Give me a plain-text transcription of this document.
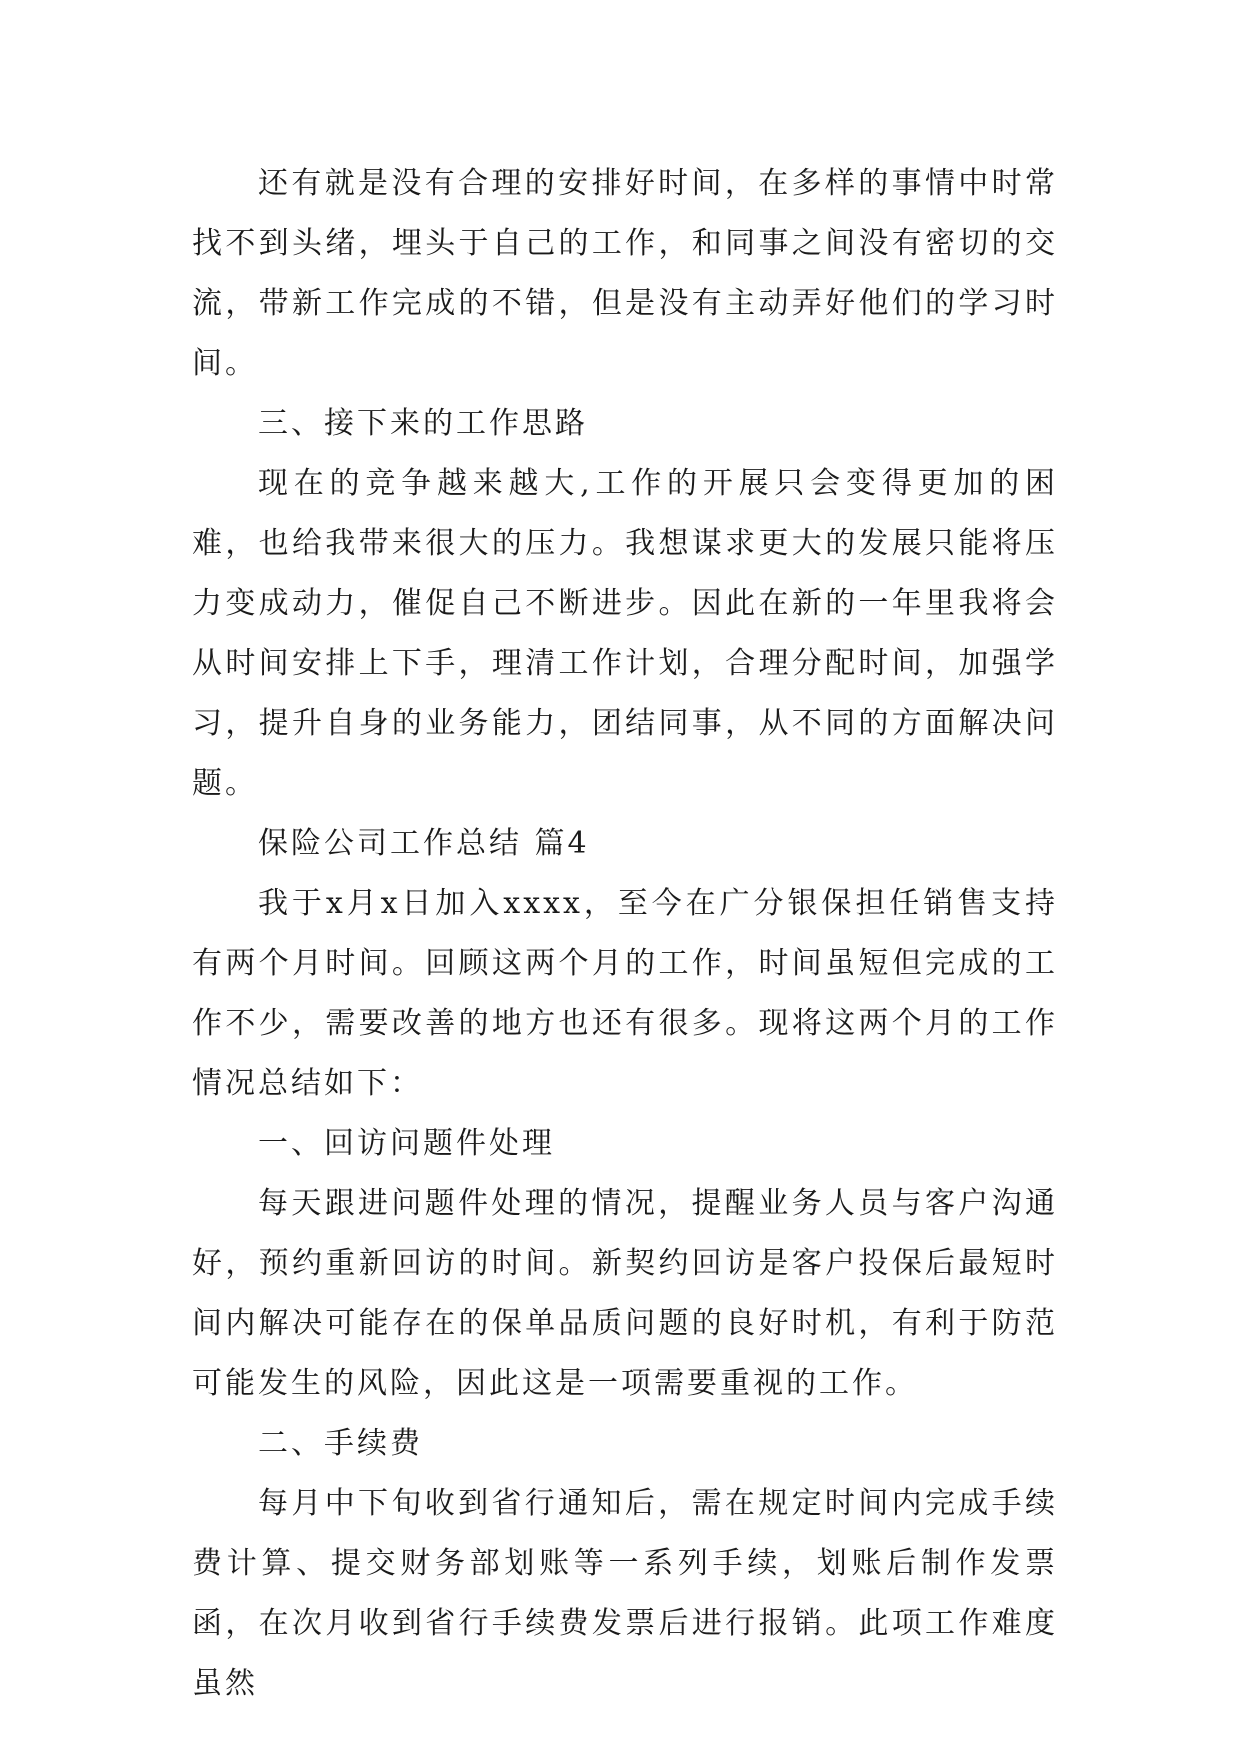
还有就是没有合理的安排好时间，在多样的事情中时常找不到头绪，埋头于自己的工作，和同事之间没有密切的交流，带新工作完成的不错，但是没有主动弄好他们的学习时间。

三、接下来的工作思路

现在的竞争越来越大,工作的开展只会变得更加的困难，也给我带来很大的压力。我想谋求更大的发展只能将压力变成动力，催促自己不断进步。因此在新的一年里我将会从时间安排上下手，理清工作计划，合理分配时间，加强学习，提升自身的业务能力，团结同事，从不同的方面解决问题。

保险公司工作总结 篇4

我于x月x日加入xxxx，至今在广分银保担任销售支持有两个月时间。回顾这两个月的工作，时间虽短但完成的工作不少，需要改善的地方也还有很多。现将这两个月的工作情况总结如下：

一、回访问题件处理

每天跟进问题件处理的情况，提醒业务人员与客户沟通好，预约重新回访的时间。新契约回访是客户投保后最短时间内解决可能存在的保单品质问题的良好时机，有利于防范可能发生的风险，因此这是一项需要重视的工作。

二、手续费

每月中下旬收到省行通知后，需在规定时间内完成手续费计算、提交财务部划账等一系列手续，划账后制作发票函，在次月收到省行手续费发票后进行报销。此项工作难度虽然
